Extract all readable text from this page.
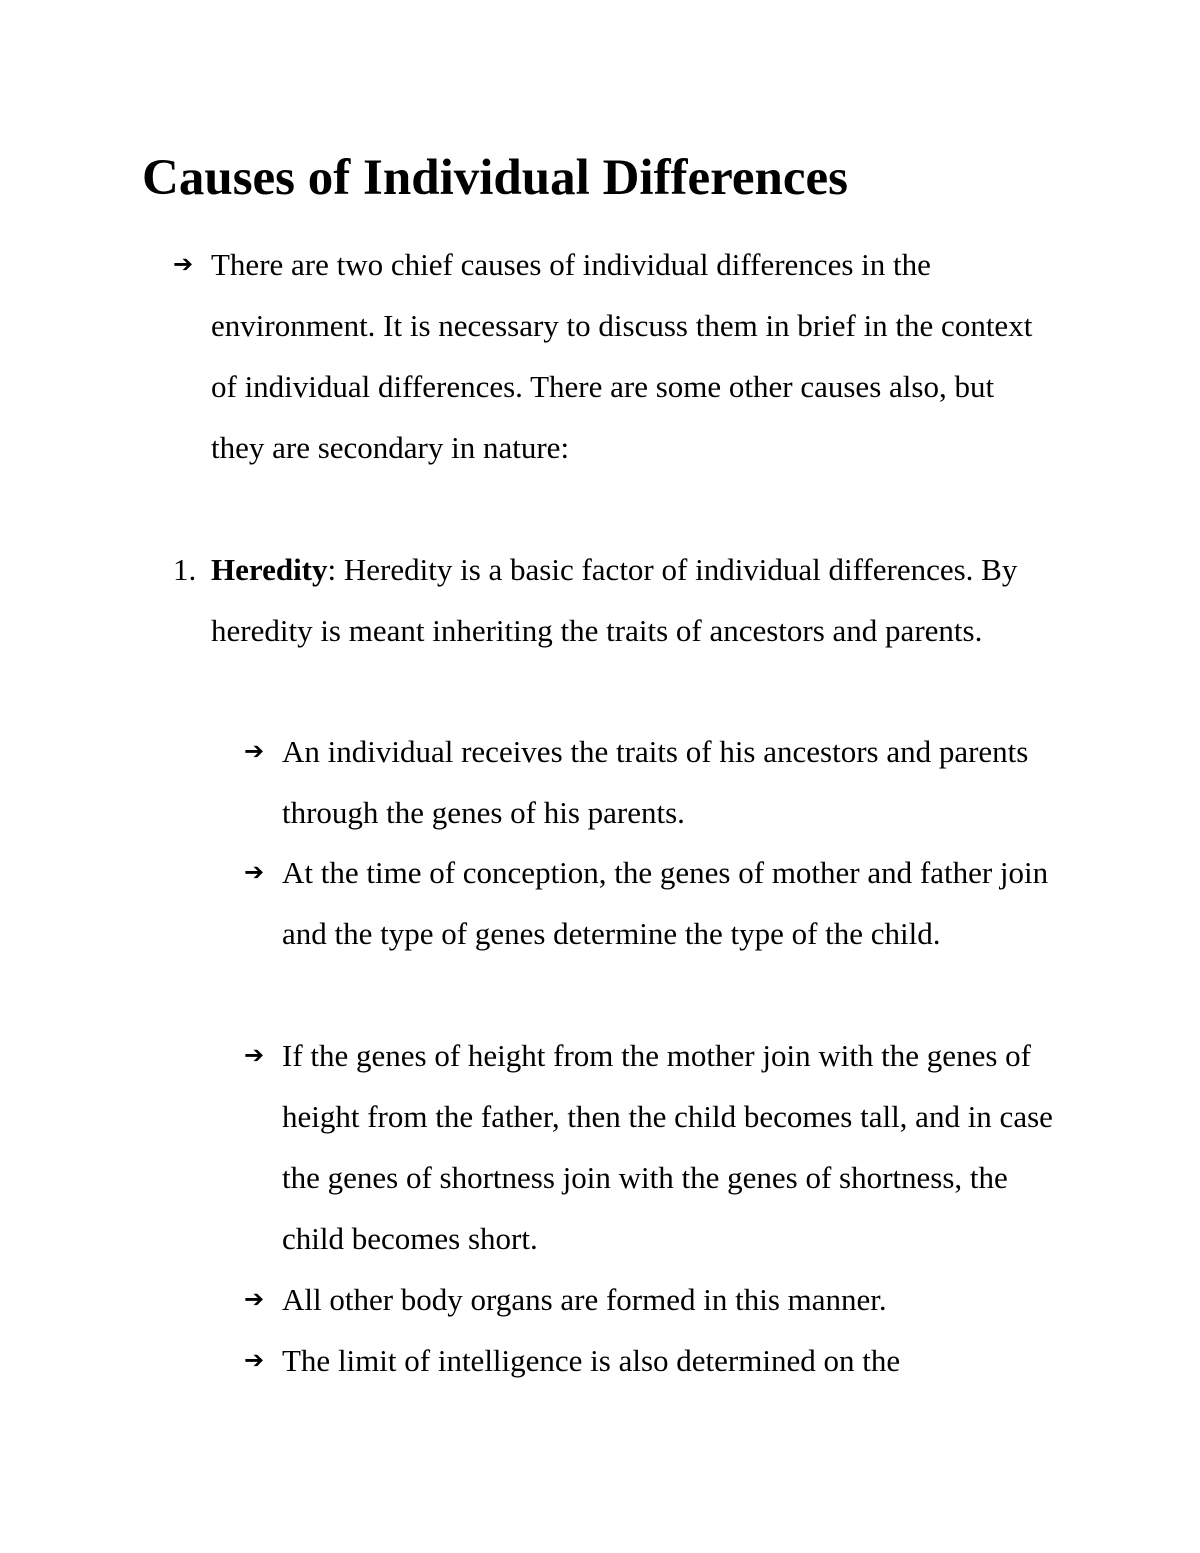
Causes of Individual Differences
➔ There are two chief causes of individual differences in the environment. It is necessary to discuss them in brief in the context of individual differences. There are some other causes also, but they are secondary in nature:
1. Heredity: Heredity is a basic factor of individual differences. By heredity is meant inheriting the traits of ancestors and parents.
➔ An individual receives the traits of his ancestors and parents through the genes of his parents.
➔ At the time of conception, the genes of mother and father join and the type of genes determine the type of the child.
➔ If the genes of height from the mother join with the genes of height from the father, then the child becomes tall, and in case the genes of shortness join with the genes of shortness, the child becomes short.
➔ All other body organs are formed in this manner.
➔ The limit of intelligence is also determined on the
